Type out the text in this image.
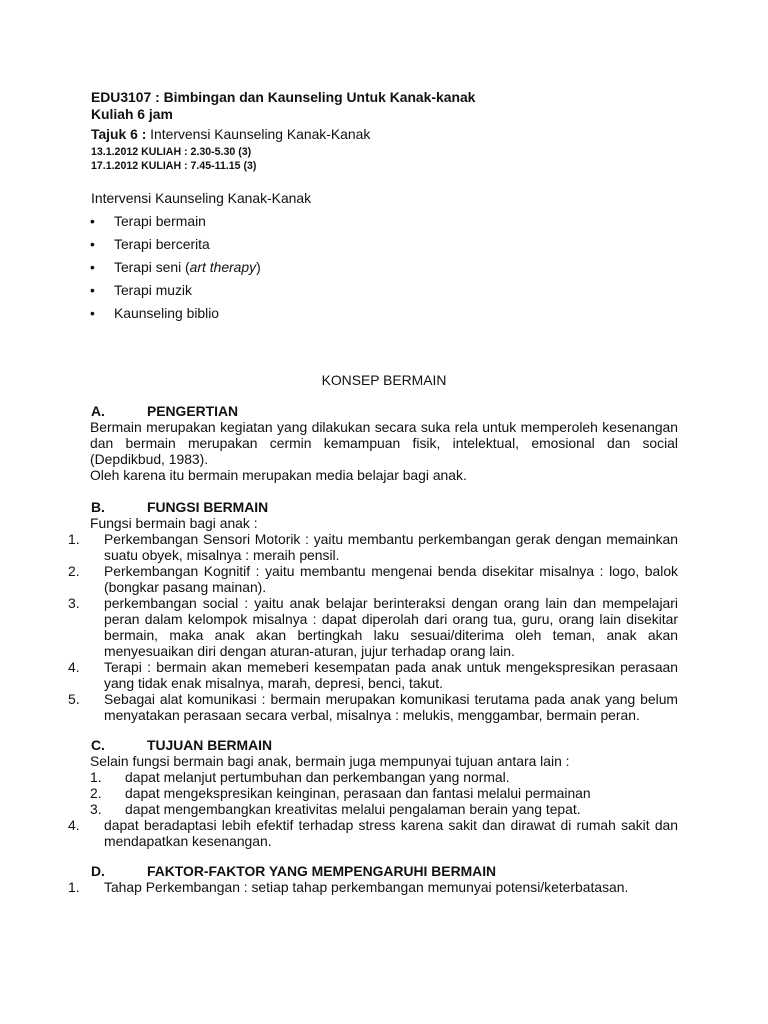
EDU3107 : Bimbingan dan Kaunseling Untuk Kanak-kanak
Kuliah 6 jam
Tajuk 6 : Intervensi Kaunseling Kanak-Kanak
13.1.2012 KULIAH : 2.30-5.30 (3)
17.1.2012 KULIAH : 7.45-11.15 (3)
Intervensi Kaunseling Kanak-Kanak
• Terapi bermain
• Terapi bercerita
• Terapi seni (art therapy)
• Terapi muzik
• Kaunseling biblio
KONSEP BERMAIN
A.	PENGERTIAN

Bermain merupakan kegiatan yang dilakukan secara suka rela untuk memperoleh kesenangan dan bermain merupakan cermin kemampuan fisik, intelektual, emosional dan social (Depdikbud, 1983).

Oleh karena itu bermain merupakan media belajar bagi anak.

B.	FUNGSI BERMAIN
Fungsi bermain bagi anak :
1. Perkembangan Sensori Motorik : yaitu membantu perkembangan gerak dengan memainkan suatu obyek, misalnya : meraih pensil.

2. Perkembangan Kognitif : yaitu membantu mengenai benda disekitar misalnya : logo, balok (bongkar pasang mainan).

3. perkembangan social : yaitu anak belajar berinteraksi dengan orang lain dan mempelajari peran dalam kelompok misalnya : dapat diperolah dari orang tua, guru, orang lain disekitar bermain, maka anak akan bertingkah laku sesuai/diterima oleh teman, anak akan menyesuaikan diri dengan aturan-aturan, jujur terhadap orang lain.

4. Terapi : bermain akan memeberi kesempatan pada anak untuk mengekspresikan perasaan yang tidak enak misalnya, marah, depresi, benci, takut.

5. Sebagai alat komunikasi : bermain merupakan komunikasi terutama pada anak yang belum menyatakan perasaan secara verbal, misalnya : melukis, menggambar, bermain peran.

C.	TUJUAN BERMAIN
Selain fungsi bermain bagi anak, bermain juga mempunyai tujuan antara lain :
1. dapat melanjut pertumbuhan dan perkembangan yang normal.
2. dapat mengekspresikan keinginan, perasaan dan fantasi melalui permainan
3. dapat mengembangkan kreativitas melalui pengalaman berain yang tepat.
4. dapat beradaptasi lebih efektif terhadap stress karena sakit dan dirawat di rumah sakit dan mendapatkan kesenangan.

D.	FAKTOR-FAKTOR YANG MEMPENGARUHI BERMAIN
1. Tahap Perkembangan : setiap tahap perkembangan memunyai potensi/keterbatasan.
